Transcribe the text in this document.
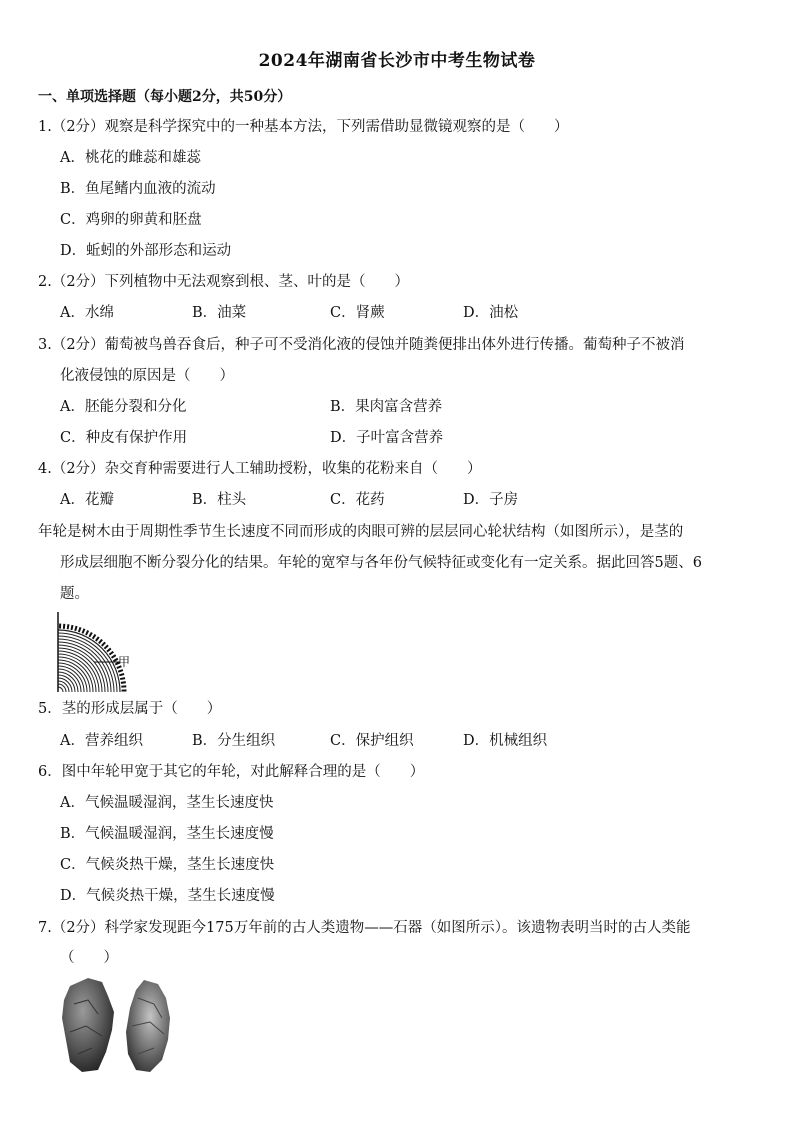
2024年湖南省长沙市中考生物试卷
一、单项选择题（每小题2分，共50分）
1.（2分）观察是科学探究中的一种基本方法，下列需借助显微镜观察的是（　　）
A．桃花的雌蕊和雄蕊
B．鱼尾鳍内血液的流动
C．鸡卵的卵黄和胚盘
D．蚯蚓的外部形态和运动
2.（2分）下列植物中无法观察到根、茎、叶的是（　　）
A．水绵	B．油菜	C．肾蕨	D．油松
3.（2分）葡萄被鸟兽吞食后，种子可不受消化液的侵蚀并随粪便排出体外进行传播。葡萄种子不被消
化液侵蚀的原因是（　　）
A．胚能分裂和分化	B．果肉富含营养
C．种皮有保护作用	D．子叶富含营养
4.（2分）杂交育种需要进行人工辅助授粉，收集的花粉来自（　　）
A．花瓣	B．柱头	C．花药	D．子房
年轮是树木由于周期性季节生长速度不同而形成的肉眼可辨的层层同心轮状结构（如图所示），是茎的
形成层细胞不断分裂分化的结果。年轮的宽窄与各年份气候特征或变化有一定关系。据此回答5题、6
题。
甲
5．茎的形成层属于（　　）
A．营养组织	B．分生组织	C．保护组织	D．机械组织
6．图中年轮甲宽于其它的年轮，对此解释合理的是（　　）
A．气候温暖湿润，茎生长速度快
B．气候温暖湿润，茎生长速度慢
C．气候炎热干燥，茎生长速度快
D．气候炎热干燥，茎生长速度慢
7.（2分）科学家发现距今175万年前的古人类遗物——石器（如图所示）。该遗物表明当时的古人类能
（　　）
